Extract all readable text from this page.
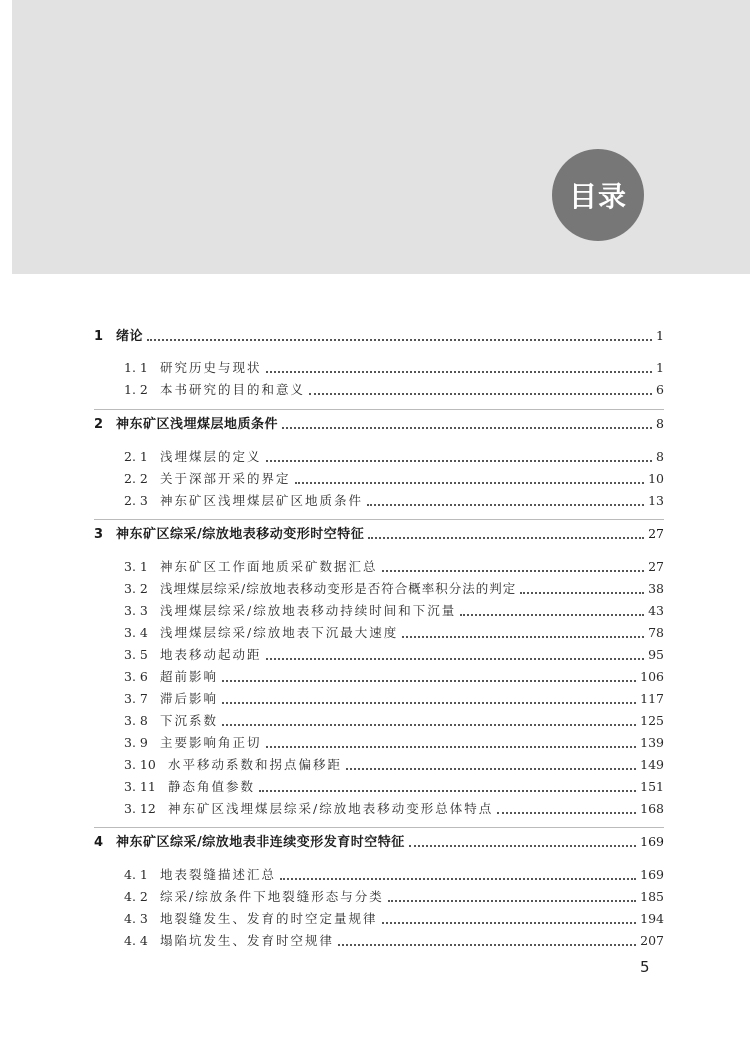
目录
1 绪论	1
1. 1 研究历史与现状	1
1. 2 本书研究的目的和意义	6
2 神东矿区浅埋煤层地质条件	8
2. 1 浅埋煤层的定义	8
2. 2 关于深部开采的界定	10
2. 3 神东矿区浅埋煤层矿区地质条件	13
3 神东矿区综采/综放地表移动变形时空特征	27
3. 1 神东矿区工作面地质采矿数据汇总	27
3. 2 浅埋煤层综采/综放地表移动变形是否符合概率积分法的判定	38
3. 3 浅埋煤层综采/综放地表移动持续时间和下沉量	43
3. 4 浅埋煤层综采/综放地表下沉最大速度	78
3. 5 地表移动起动距	95
3. 6 超前影响	106
3. 7 滞后影响	117
3. 8 下沉系数	125
3. 9 主要影响角正切	139
3. 10 水平移动系数和拐点偏移距	149
3. 11 静态角值参数	151
3. 12 神东矿区浅埋煤层综采/综放地表移动变形总体特点	168
4 神东矿区综采/综放地表非连续变形发育时空特征	169
4. 1 地表裂缝描述汇总	169
4. 2 综采/综放条件下地裂缝形态与分类	185
4. 3 地裂缝发生、发育的时空定量规律	194
4. 4 塌陷坑发生、发育时空规律	207
5
